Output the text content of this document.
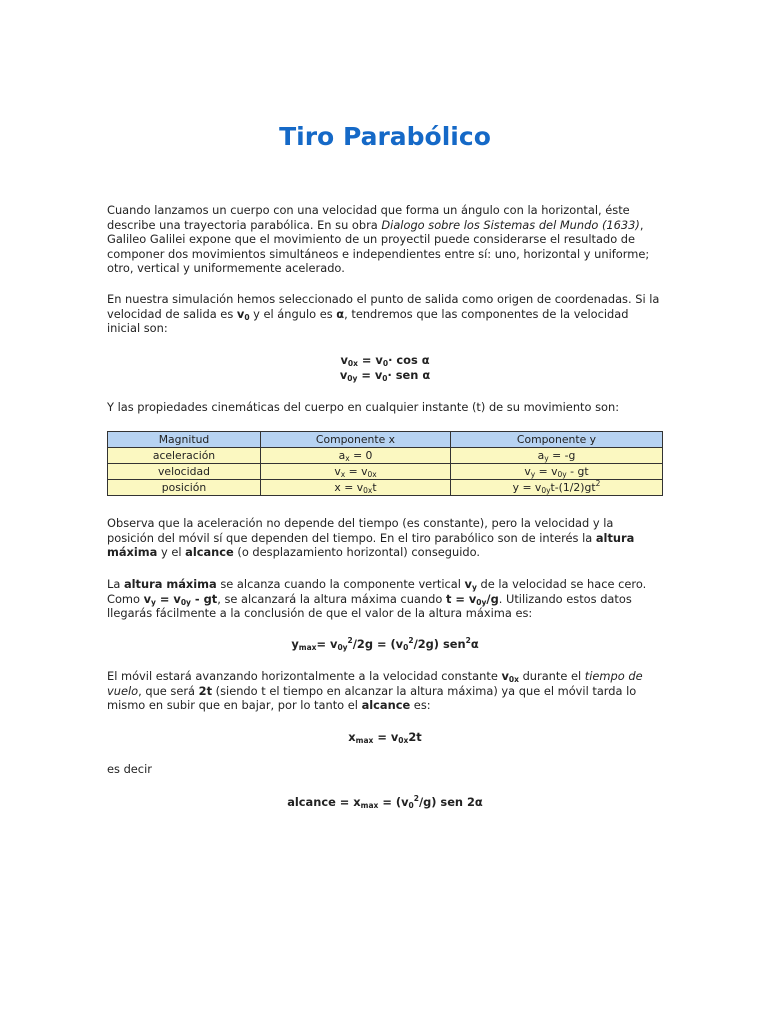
Tiro Parabólico

Cuando lanzamos un cuerpo con una velocidad que forma un ángulo con la horizontal, éste describe una trayectoria parabólica. En su obra Dialogo sobre los Sistemas del Mundo (1633), Galileo Galilei expone que el movimiento de un proyectil puede considerarse el resultado de componer dos movimientos simultáneos e independientes entre sí: uno, horizontal y uniforme; otro, vertical y uniformemente acelerado.

En nuestra simulación hemos seleccionado el punto de salida como origen de coordenadas. Si la velocidad de salida es $v_0$ y el ángulo es α, tendremos que las componentes de la velocidad inicial son:

$v_{0x} = v_0\cdot \cos \alpha$
$v_{0y} = v_0\cdot$ sen α

Y las propiedades cinemáticas del cuerpo en cualquier instante (t) de su movimiento son:

Magnitud	Componente x	Componente y
aceleración	$a_x = 0$	$a_y = -g$
velocidad	$v_x = v_{0x}$	$v_y = v_{0y}$ - gt
posición	$x = v_{0x}t$	$y = v_{0y}t-(1/2)gt^2$

Observa que la aceleración no depende del tiempo (es constante), pero la velocidad y la posición del móvil sí que dependen del tiempo. En el tiro parabólico son de interés la altura máxima y el alcance (o desplazamiento horizontal) conseguido.

La altura máxima se alcanza cuando la componente vertical $v_y$ de la velocidad se hace cero. Como $v_y = v_{0y}$ - gt, se alcanzará la altura máxima cuando $t = v_{0y}/g$. Utilizando estos datos llegarás fácilmente a la conclusión de que el valor de la altura máxima es:

$y_{max}= v_{0y}^2/2g = (v_0^2/2g)$ sen$^2$α

El móvil estará avanzando horizontalmente a la velocidad constante $v_{0x}$ durante el tiempo de vuelo, que será 2t (siendo t el tiempo en alcanzar la altura máxima) ya que el móvil tarda lo mismo en subir que en bajar, por lo tanto el alcance es:

$x_{max} = v_{0x}2t$

es decir

alcance = $x_{max} = (v_0^2/g)$ sen 2α
